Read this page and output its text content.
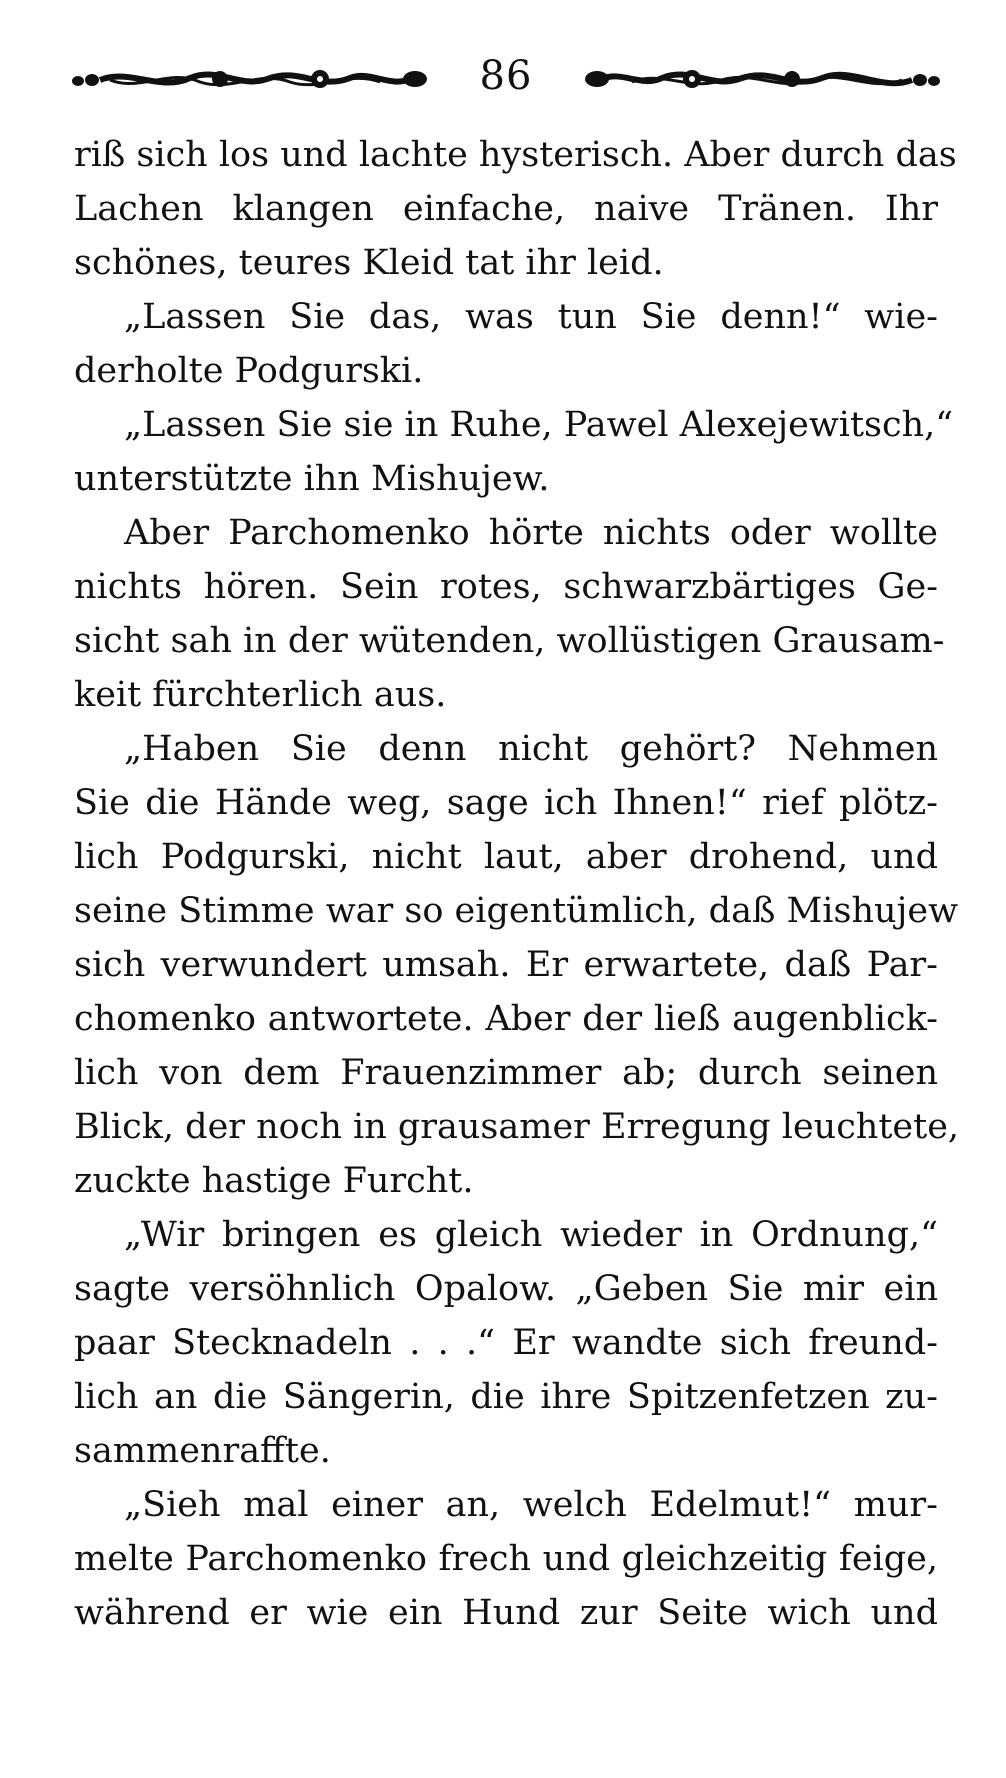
86
riß sich los und lachte hysterisch. Aber durch das
Lachen klangen einfache, naive Tränen. Ihr
schönes, teures Kleid tat ihr leid.
„Lassen Sie das, was tun Sie denn!“ wie-
derholte Podgurski.
„Lassen Sie sie in Ruhe, Pawel Alexejewitsch,“
unterstützte ihn Mishujew.
Aber Parchomenko hörte nichts oder wollte
nichts hören. Sein rotes, schwarzbärtiges Ge-
sicht sah in der wütenden, wollüstigen Grausam-
keit fürchterlich aus.
„Haben Sie denn nicht gehört? Nehmen
Sie die Hände weg, sage ich Ihnen!“ rief plötz-
lich Podgurski, nicht laut, aber drohend, und
seine Stimme war so eigentümlich, daß Mishujew
sich verwundert umsah. Er erwartete, daß Par-
chomenko antwortete. Aber der ließ augenblick-
lich von dem Frauenzimmer ab; durch seinen
Blick, der noch in grausamer Erregung leuchtete,
zuckte hastige Furcht.
„Wir bringen es gleich wieder in Ordnung,“
sagte versöhnlich Opalow. „Geben Sie mir ein
paar Stecknadeln . . .“ Er wandte sich freund-
lich an die Sängerin, die ihre Spitzenfetzen zu-
sammenraffte.
„Sieh mal einer an, welch Edelmut!“ mur-
melte Parchomenko frech und gleichzeitig feige,
während er wie ein Hund zur Seite wich und
